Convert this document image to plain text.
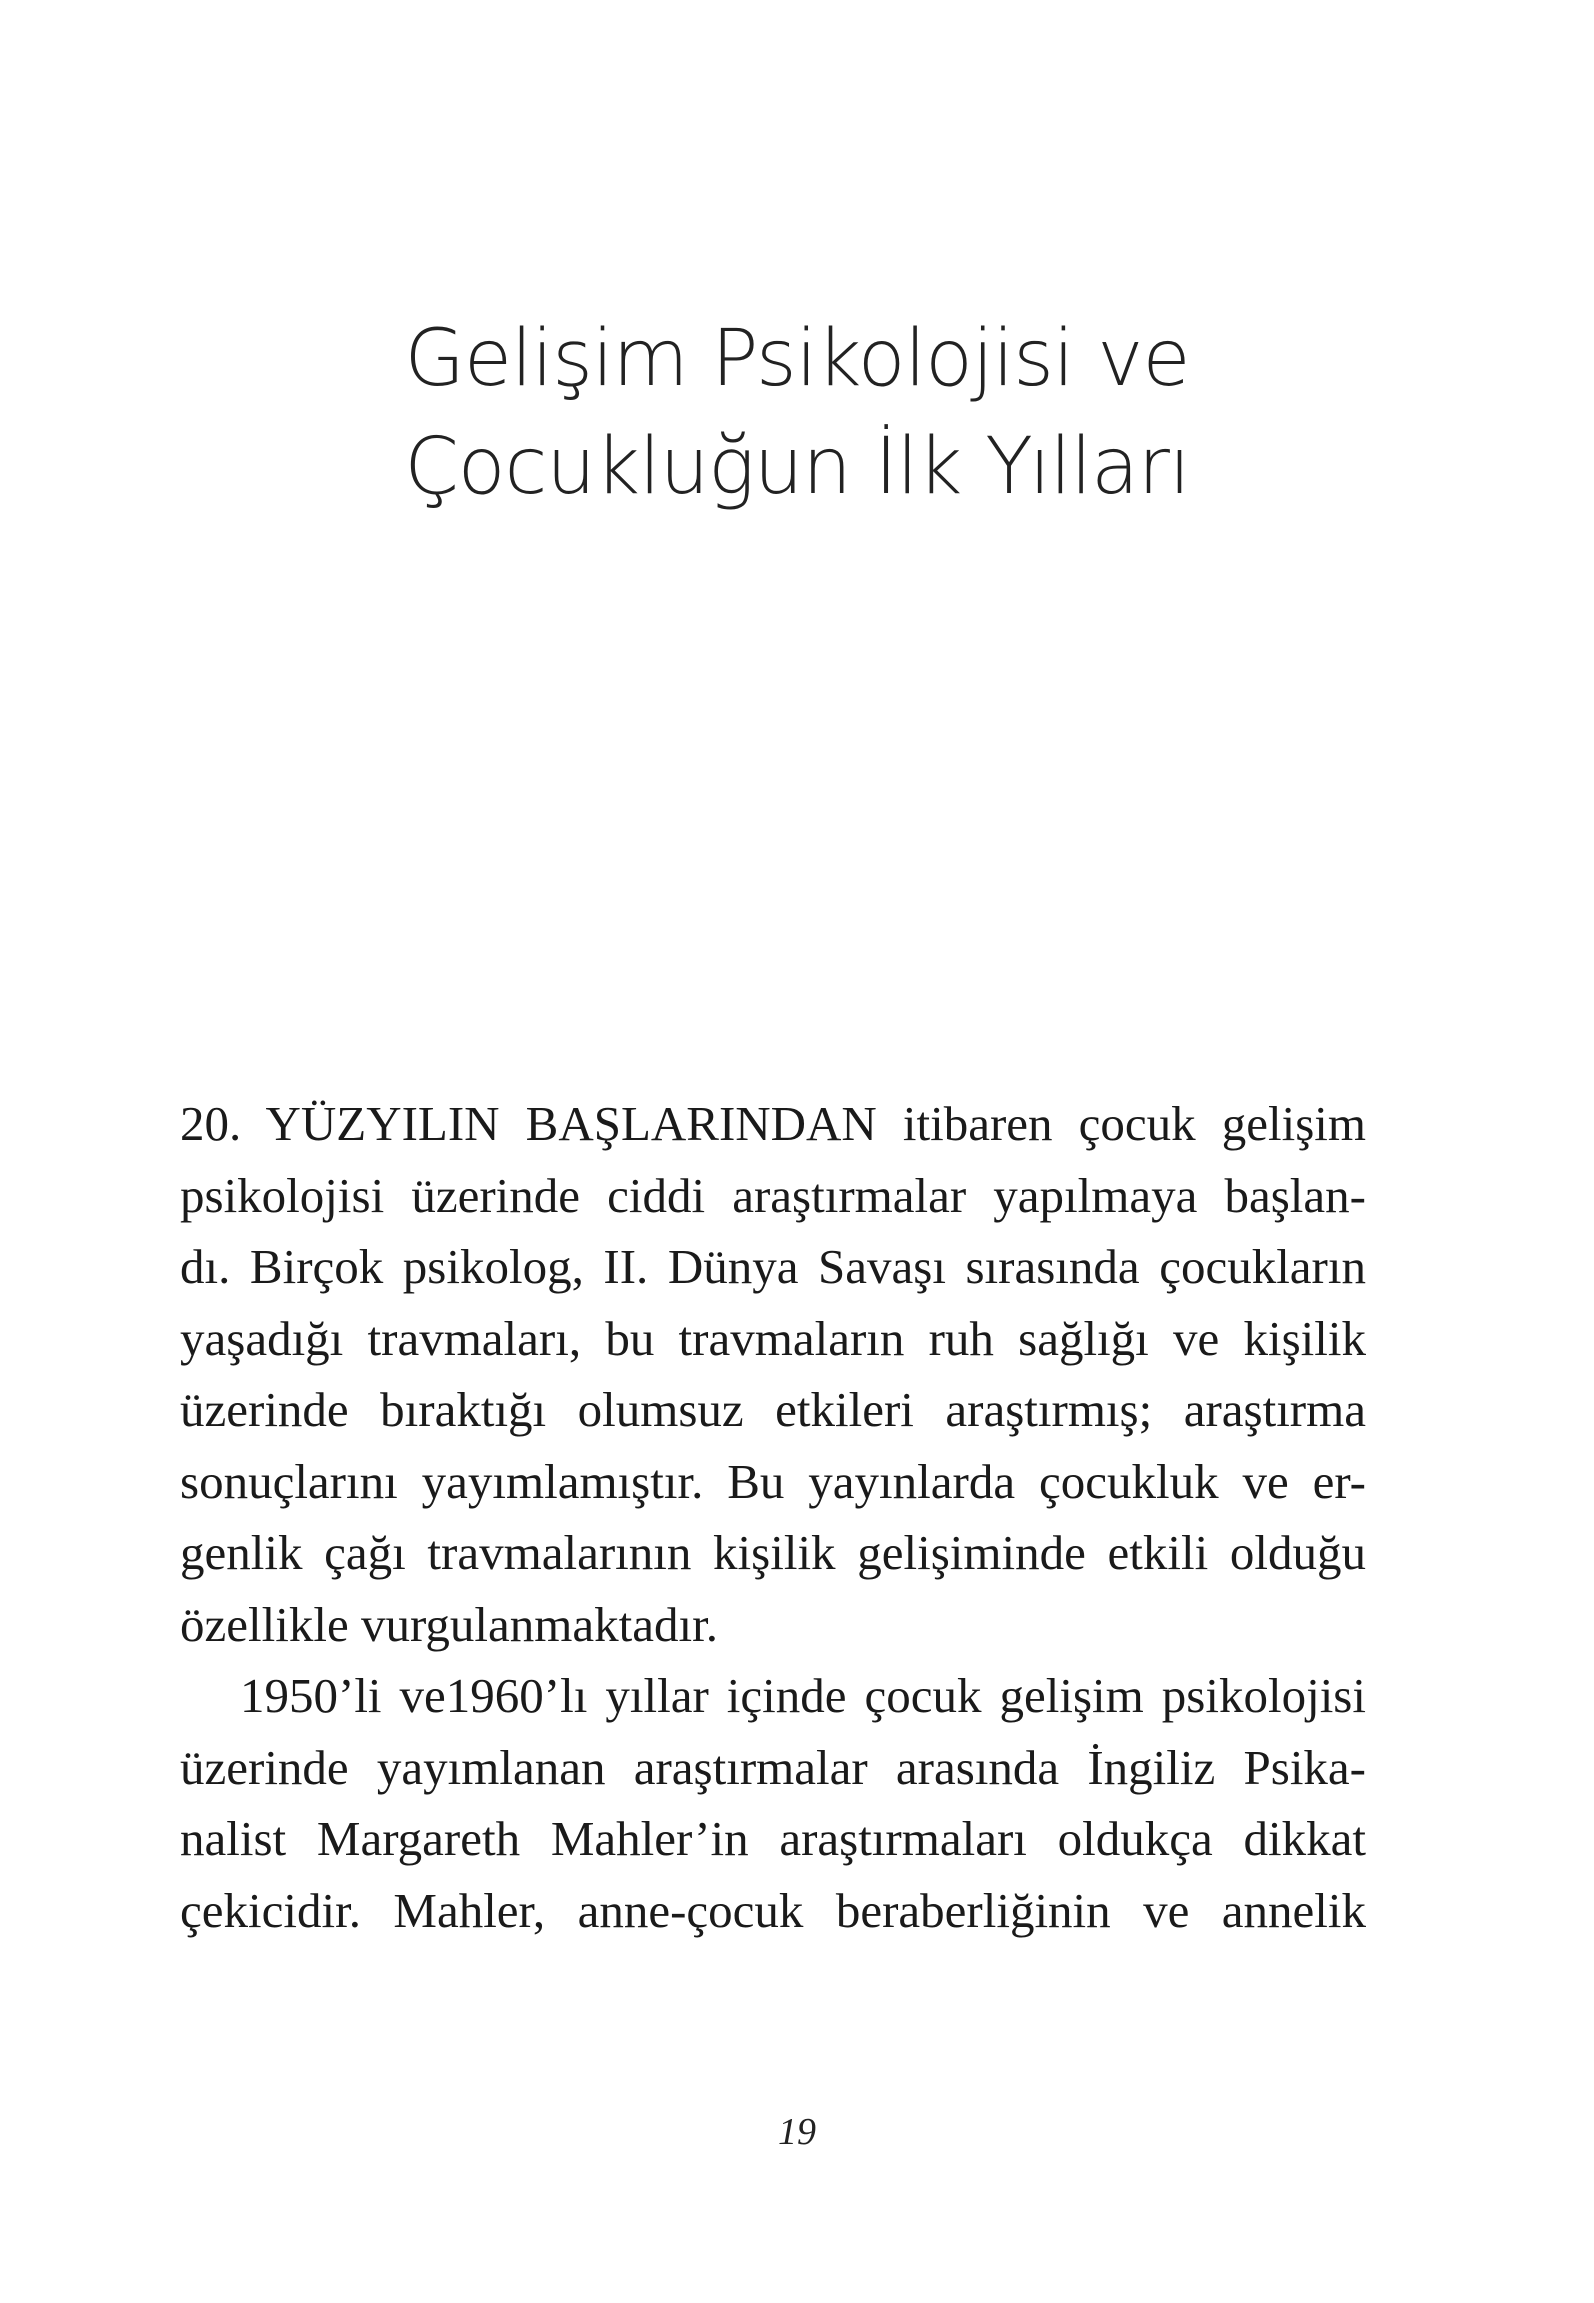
Gelişim Psikolojisi ve
Çocukluğun İlk Yılları

20. YÜZYILIN BAŞLARINDAN itibaren çocuk gelişim
psikolojisi üzerinde ciddi araştırmalar yapılmaya başlan-
dı. Birçok psikolog, II. Dünya Savaşı sırasında çocukların
yaşadığı travmaları, bu travmaların ruh sağlığı ve kişilik
üzerinde bıraktığı olumsuz etkileri araştırmış; araştırma
sonuçlarını yayımlamıştır. Bu yayınlarda çocukluk ve er-
genlik çağı travmalarının kişilik gelişiminde etkili olduğu
özellikle vurgulanmaktadır.

1950’li ve1960’lı yıllar içinde çocuk gelişim psikolojisi
üzerinde yayımlanan araştırmalar arasında İngiliz Psika-
nalist Margareth Mahler’in araştırmaları oldukça dikkat
çekicidir. Mahler, anne-çocuk beraberliğinin ve annelik

19
